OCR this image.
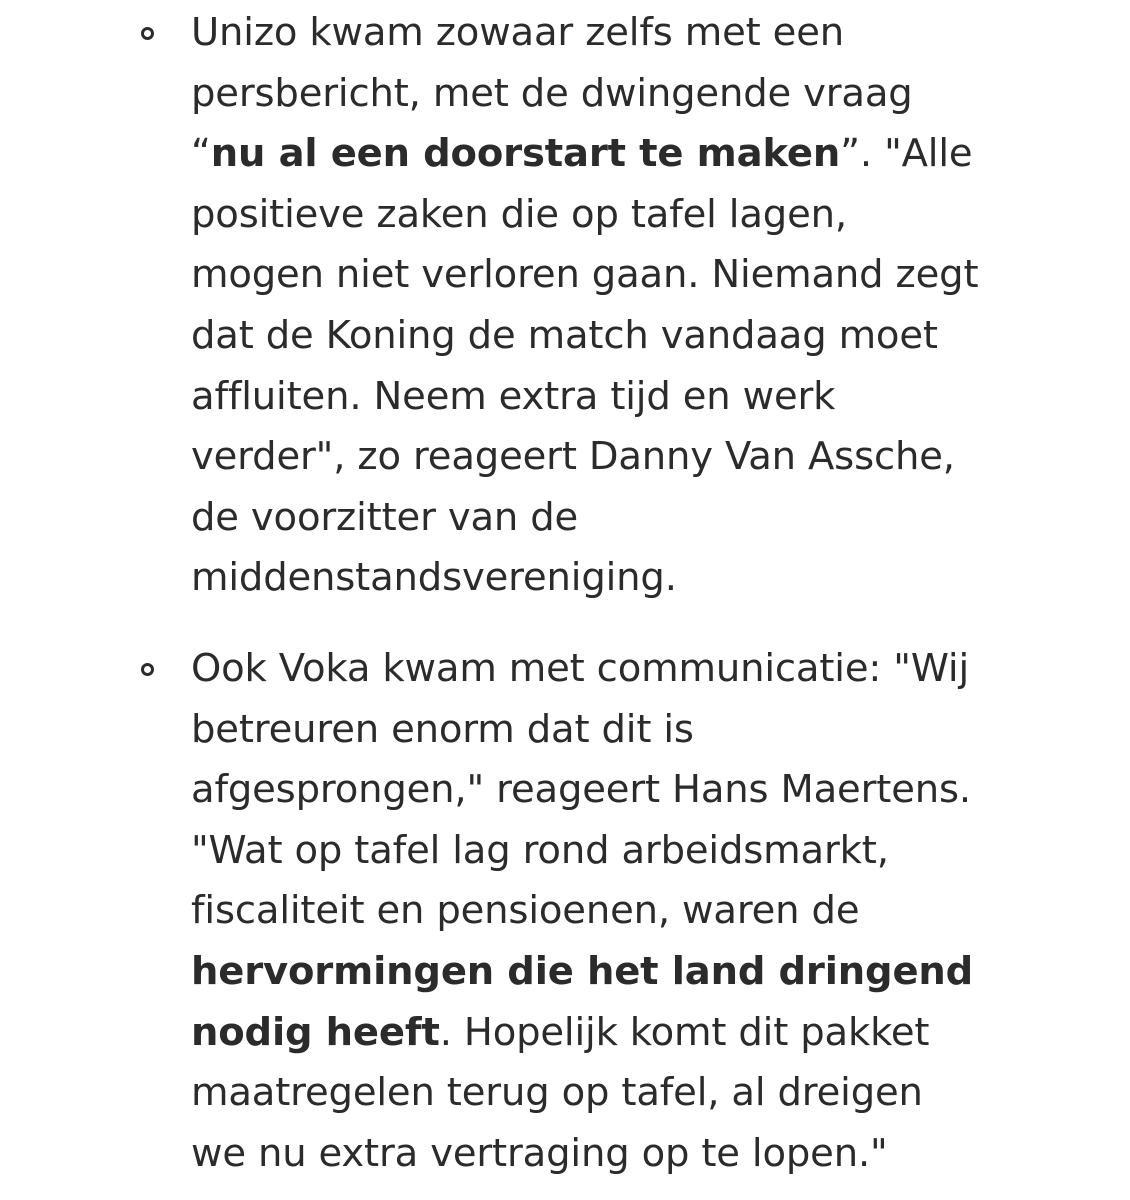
Unizo kwam zowaar zelfs met een
persbericht, met de dwingende vraag
“nu al een doorstart te maken”. "Alle
positieve zaken die op tafel lagen,
mogen niet verloren gaan. Niemand zegt
dat de Koning de match vandaag moet
affluiten. Neem extra tijd en werk
verder", zo reageert Danny Van Assche,
de voorzitter van de
middenstandsvereniging.

Ook Voka kwam met communicatie: "Wij
betreuren enorm dat dit is
afgesprongen," reageert Hans Maertens.
"Wat op tafel lag rond arbeidsmarkt,
fiscaliteit en pensioenen, waren de
hervormingen die het land dringend
nodig heeft. Hopelijk komt dit pakket
maatregelen terug op tafel, al dreigen
we nu extra vertraging op te lopen."
